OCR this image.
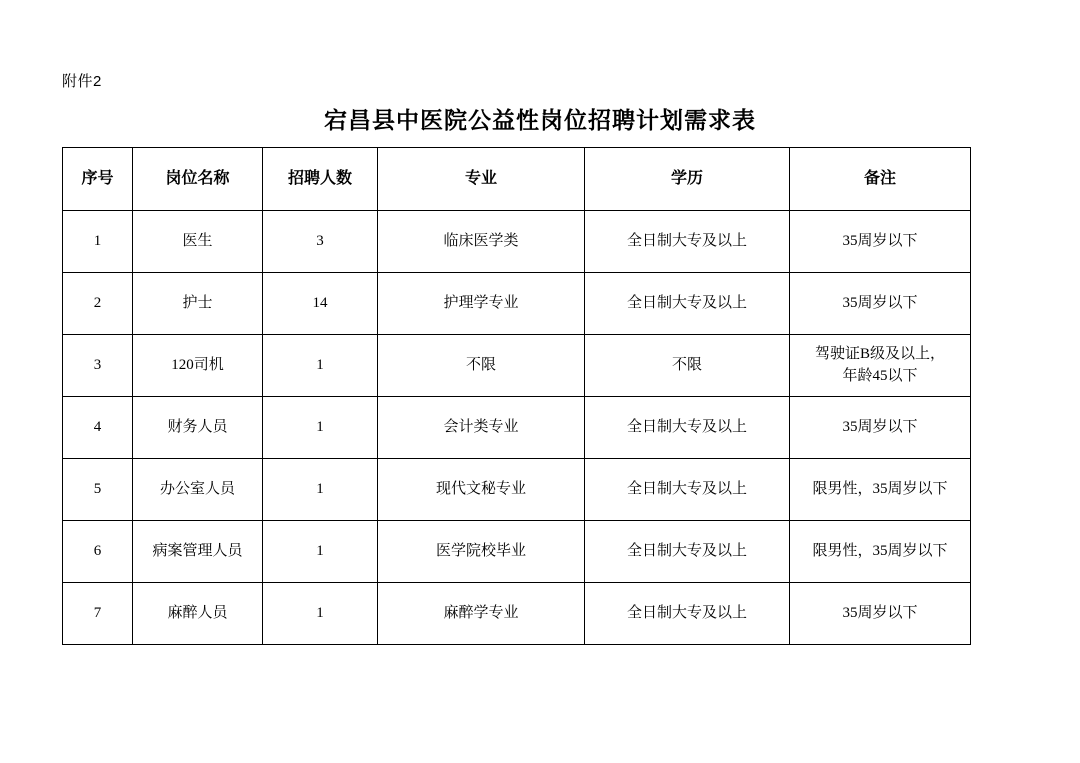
附件2
宕昌县中医院公益性岗位招聘计划需求表
序号	岗位名称	招聘人数	专业	学历	备注
1	医生	3	临床医学类	全日制大专及以上	35周岁以下
2	护士	14	护理学专业	全日制大专及以上	35周岁以下
3	120司机	1	不限	不限	驾驶证B级及以上，
年龄45以下
4	财务人员	1	会计类专业	全日制大专及以上	35周岁以下
5	办公室人员	1	现代文秘专业	全日制大专及以上	限男性，35周岁以下
6	病案管理人员	1	医学院校毕业	全日制大专及以上	限男性，35周岁以下
7	麻醉人员	1	麻醉学专业	全日制大专及以上	35周岁以下
